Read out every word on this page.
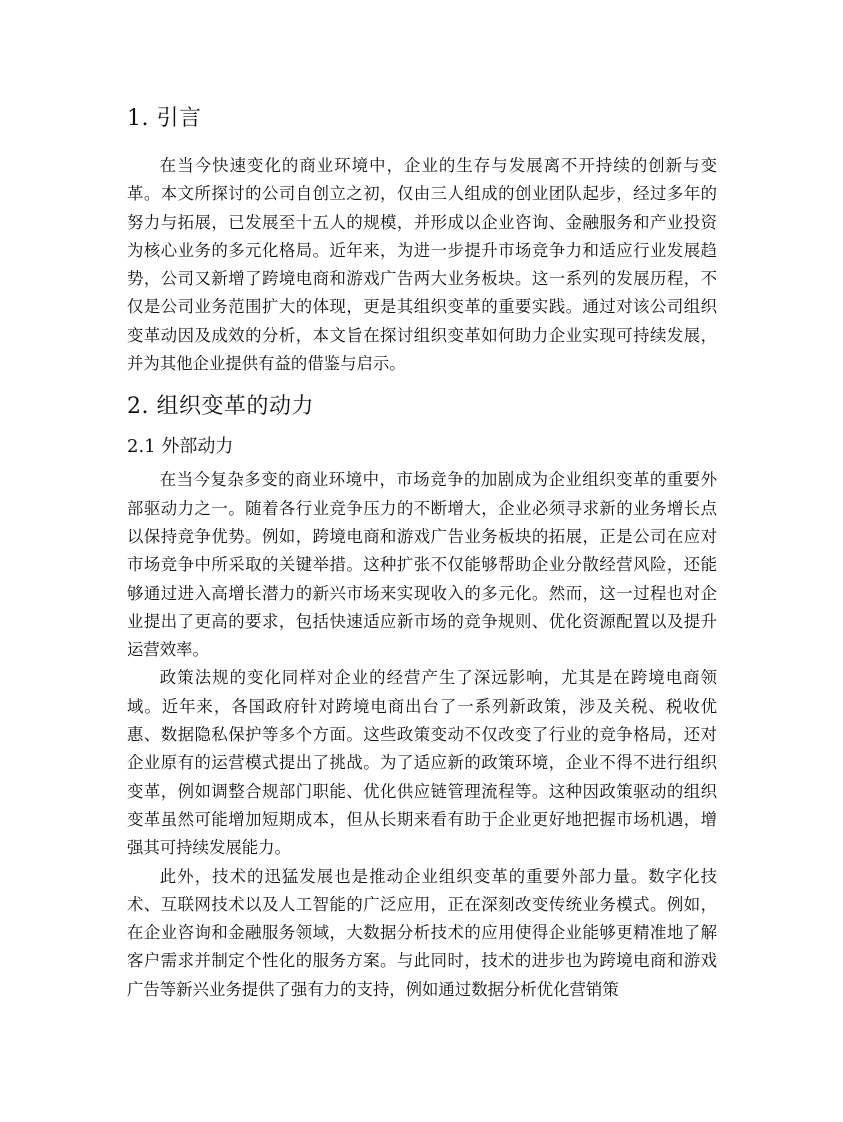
1. 引言

在当今快速变化的商业环境中，企业的生存与发展离不开持续的创新与变革。本文所探讨的公司自创立之初，仅由三人组成的创业团队起步，经过多年的努力与拓展，已发展至十五人的规模，并形成以企业咨询、金融服务和产业投资为核心业务的多元化格局。近年来，为进一步提升市场竞争力和适应行业发展趋势，公司又新增了跨境电商和游戏广告两大业务板块。这一系列的发展历程，不仅是公司业务范围扩大的体现，更是其组织变革的重要实践。通过对该公司组织变革动因及成效的分析，本文旨在探讨组织变革如何助力企业实现可持续发展，并为其他企业提供有益的借鉴与启示。

2. 组织变革的动力
2.1 外部动力

在当今复杂多变的商业环境中，市场竞争的加剧成为企业组织变革的重要外部驱动力之一。随着各行业竞争压力的不断增大，企业必须寻求新的业务增长点以保持竞争优势。例如，跨境电商和游戏广告业务板块的拓展，正是公司在应对市场竞争中所采取的关键举措。这种扩张不仅能够帮助企业分散经营风险，还能够通过进入高增长潜力的新兴市场来实现收入的多元化。然而，这一过程也对企业提出了更高的要求，包括快速适应新市场的竞争规则、优化资源配置以及提升运营效率。

政策法规的变化同样对企业的经营产生了深远影响，尤其是在跨境电商领域。近年来，各国政府针对跨境电商出台了一系列新政策，涉及关税、税收优惠、数据隐私保护等多个方面。这些政策变动不仅改变了行业的竞争格局，还对企业原有的运营模式提出了挑战。为了适应新的政策环境，企业不得不进行组织变革，例如调整合规部门职能、优化供应链管理流程等。这种因政策驱动的组织变革虽然可能增加短期成本，但从长期来看有助于企业更好地把握市场机遇，增强其可持续发展能力。

此外，技术的迅猛发展也是推动企业组织变革的重要外部力量。数字化技术、互联网技术以及人工智能的广泛应用，正在深刻改变传统业务模式。例如，在企业咨询和金融服务领域，大数据分析技术的应用使得企业能够更精准地了解客户需求并制定个性化的服务方案。与此同时，技术的进步也为跨境电商和游戏广告等新兴业务提供了强有力的支持，例如通过数据分析优化营销策
